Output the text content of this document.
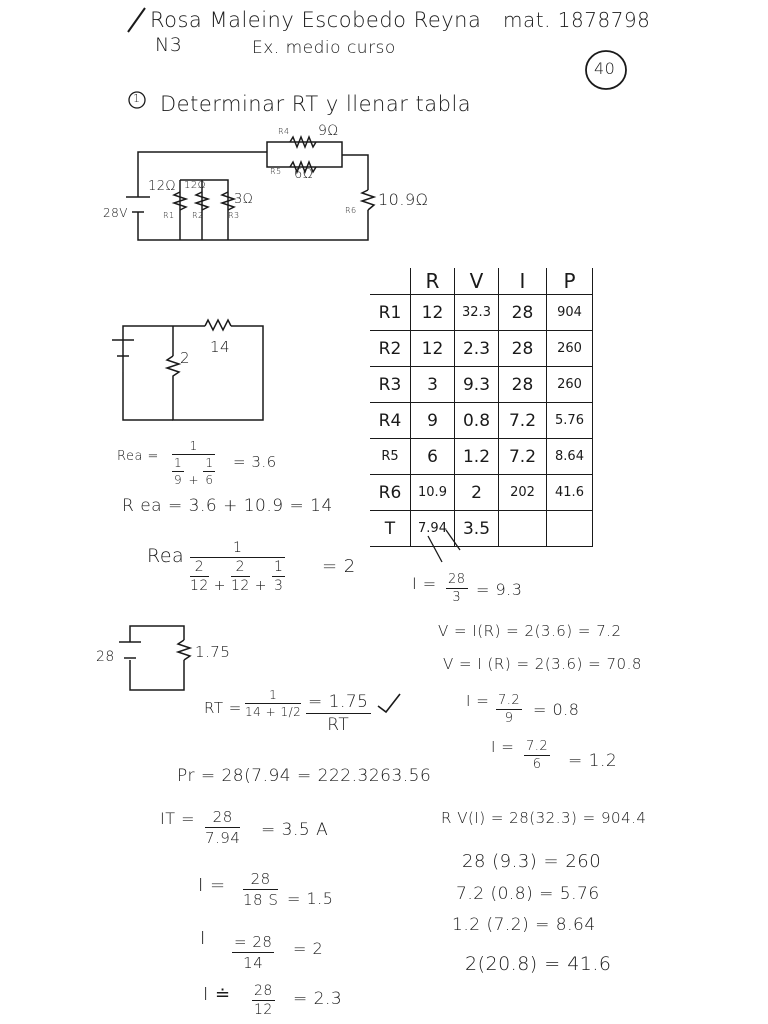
Rosa Maleiny Escobedo Reyna mat. 1878798
N3	Ex. medio curso
40
1 Determinar RT y llenar tabla
R4 9Ω
R5 6Ω
R6
10.9Ω
12Ω 12Ω
3Ω
R1 R2	R3
28V
14
2
28	1.75
	R	V	I	P
R1	12	32.3	28	904
R2	12	2.3	28	260
R3	3	9.3	28	260
R4	9	0.8	7.2	5.76
R5	6	1.2	7.2	8.64
R6	10.9	2	202	41.6
T	7.94	3.5		
Rea = $\frac{1}{\frac{1}{9} + \frac{1}{6}} = 3.6$
R ea = 3.6 + 10.9 = 14
Rea	1
$\frac{2}{12} + \frac{2}{12} + \frac{1}{3} = 2$
RT = $\frac{1}{14 + 1/2} \frac{= 1.75}{RT}$
Pr = 28(7.94 = 222.3263.56
IT = $\frac{28}{7.94} = 3.5$ A
$I = \frac{28}{18 S} = 1.5$
I $\frac{= 28}{14} = 2$
I ≐ $\frac{28}{12} = 2.3$
$I = \frac{28}{3} = 9.3$
V = I(R) = 2(3.6) = 7.2
V = I (R) = 2(3.6) = 70.8
$I = \frac{7.2}{9} = 0.8$
$I = \frac{7.2}{6} = 1.2$
R V(I) = 28(32.3) = 904.4
28 (9.3) = 260
7.2 (0.8) = 5.76
1.2 (7.2) = 8.64
2(20.8) = 41.6
